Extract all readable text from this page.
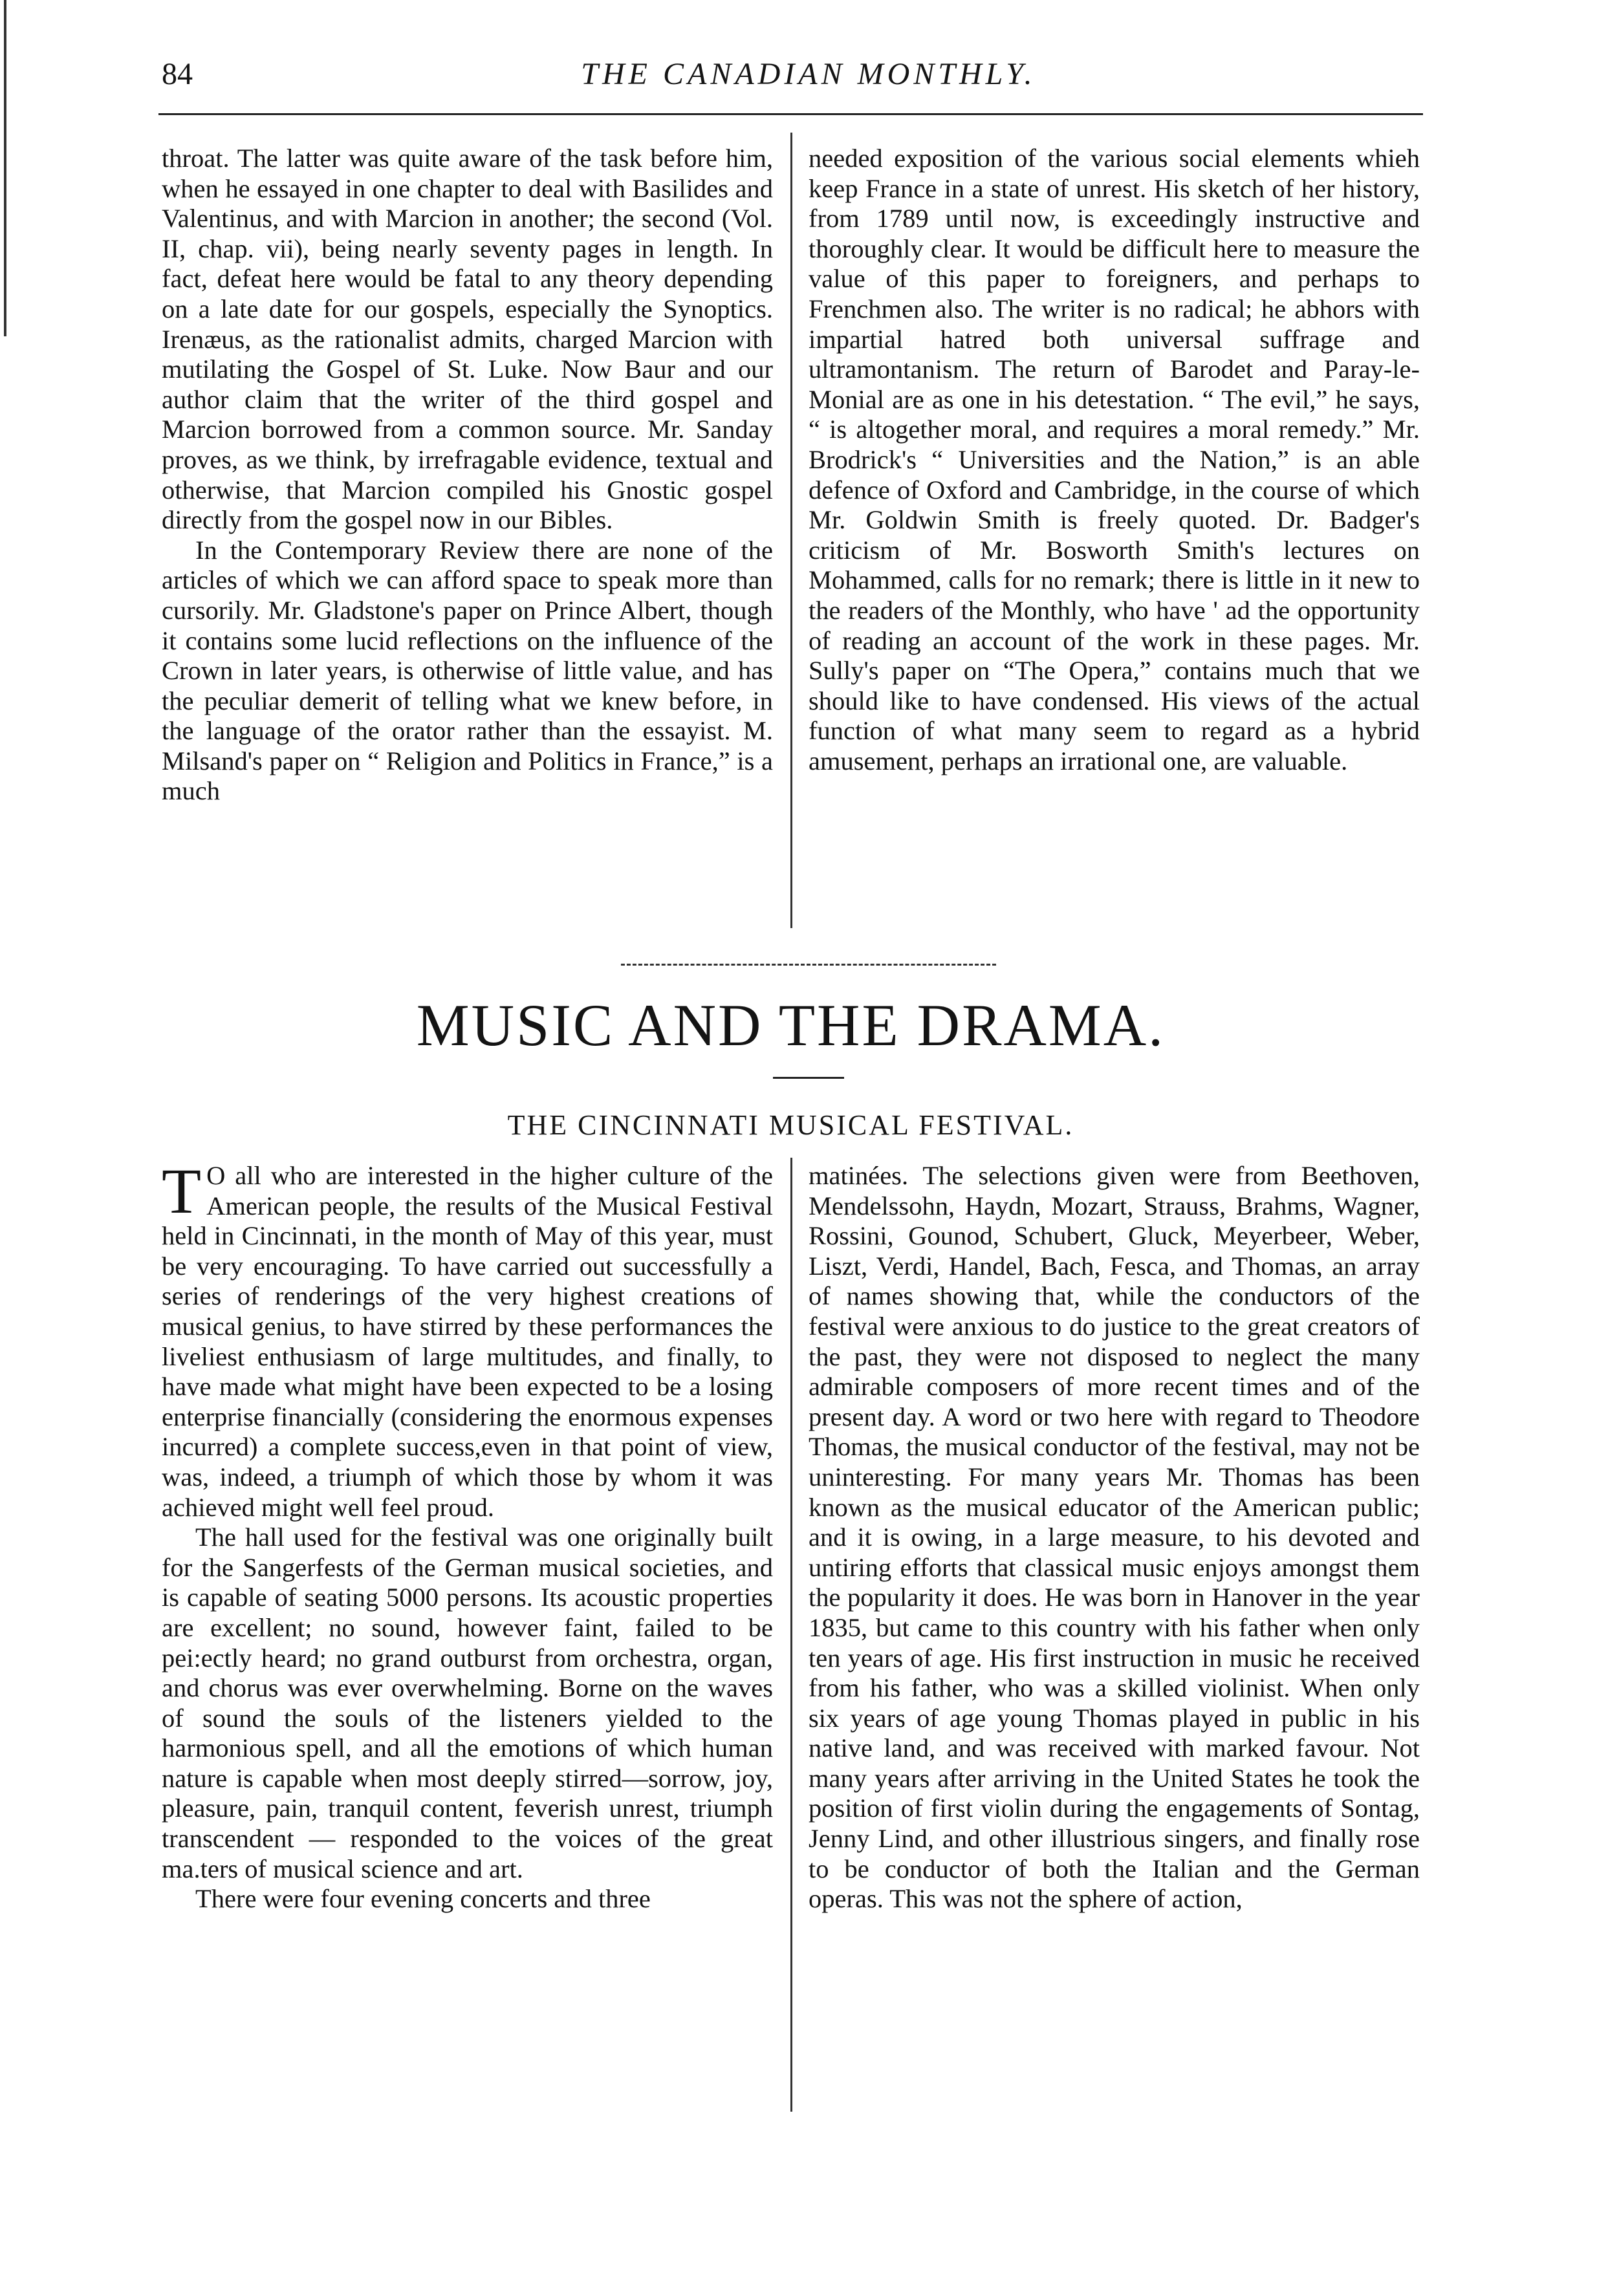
84	THE CANADIAN MONTHLY.

throat. The latter was quite aware of the task before him, when he essayed in one chapter to deal with Basilides and Valentinus, and with Marcion in another; the second (Vol. II, chap. vii), being nearly seventy pages in length. In fact, defeat here would be fatal to any theory depending on a late date for our gospels, especially the Synoptics. Irenæus, as the rationalist admits, charged Marcion with mutilating the Gospel of St. Luke. Now Baur and our author claim that the writer of the third gospel and Marcion borrowed from a common source. Mr. Sanday proves, as we think, by irrefragable evidence, textual and otherwise, that Marcion compiled his Gnostic gospel directly from the gospel now in our Bibles.

In the Contemporary Review there are none of the articles of which we can afford space to speak more than cursorily. Mr. Gladstone's paper on Prince Albert, though it contains some lucid reflections on the influence of the Crown in later years, is otherwise of little value, and has the peculiar demerit of telling what we knew before, in the language of the orator rather than the essayist. M. Milsand's paper on “ Religion and Politics in France,” is a much

needed exposition of the various social elements whieh keep France in a state of unrest. His sketch of her history, from 1789 until now, is exceedingly instructive and thoroughly clear. It would be difficult here to measure the value of this paper to foreigners, and perhaps to Frenchmen also. The writer is no radical; he abhors with impartial hatred both universal suffrage and ultramontanism. The return of Barodet and Paray-le-Monial are as one in his detestation. “ The evil,” he says, “ is altogether moral, and requires a moral remedy.” Mr. Brodrick's “ Universities and the Nation,” is an able defence of Oxford and Cambridge, in the course of which Mr. Goldwin Smith is freely quoted. Dr. Badger's criticism of Mr. Bosworth Smith's lectures on Mohammed, calls for no remark; there is little in it new to the readers of the Monthly, who have ' ad the opportunity of reading an account of the work in these pages. Mr. Sully's paper on “The Opera,” contains much that we should like to have condensed. His views of the actual function of what many seem to regard as a hybrid amusement, perhaps an irrational one, are valuable.

MUSIC AND THE DRAMA.
THE CINCINNATI MUSICAL FESTIVAL.

T O all who are interested in the higher culture of the American people, the results of the Musical Festival held in Cincinnati, in the month of May of this year, must be very encouraging. To have carried out successfully a series of renderings of the very highest creations of musical genius, to have stirred by these performances the liveliest enthusiasm of large multitudes, and finally, to have made what might have been expected to be a losing enterprise financially (considering the enormous expenses incurred) a complete success,even in that point of view, was, indeed, a triumph of which those by whom it was achieved might well feel proud.

The hall used for the festival was one originally built for the Sangerfests of the German musical societies, and is capable of seating 5000 persons. Its acoustic properties are excellent; no sound, however faint, failed to be pei:ectly heard; no grand outburst from orchestra, organ, and chorus was ever overwhelming. Borne on the waves of sound the souls of the listeners yielded to the harmonious spell, and all the emotions of which human nature is capable when most deeply stirred—sorrow, joy, pleasure, pain, tranquil content, feverish unrest, triumph transcendent — responded to the voices of the great ma.ters of musical science and art.

There were four evening concerts and three

matinées. The selections given were from Beethoven, Mendelssohn, Haydn, Mozart, Strauss, Brahms, Wagner, Rossini, Gounod, Schubert, Gluck, Meyerbeer, Weber, Liszt, Verdi, Handel, Bach, Fesca, and Thomas, an array of names showing that, while the conductors of the festival were anxious to do justice to the great creators of the past, they were not disposed to neglect the many admirable composers of more recent times and of the present day. A word or two here with regard to Theodore Thomas, the musical conductor of the festival, may not be uninteresting. For many years Mr. Thomas has been known as the musical educator of the American public; and it is owing, in a large measure, to his devoted and untiring efforts that classical music enjoys amongst them the popularity it does. He was born in Hanover in the year 1835, but came to this country with his father when only ten years of age. His first instruction in music he received from his father, who was a skilled violinist. When only six years of age young Thomas played in public in his native land, and was received with marked favour. Not many years after arriving in the United States he took the position of first violin during the engagements of Sontag, Jenny Lind, and other illustrious singers, and finally rose to be conductor of both the Italian and the German operas. This was not the sphere of action,
